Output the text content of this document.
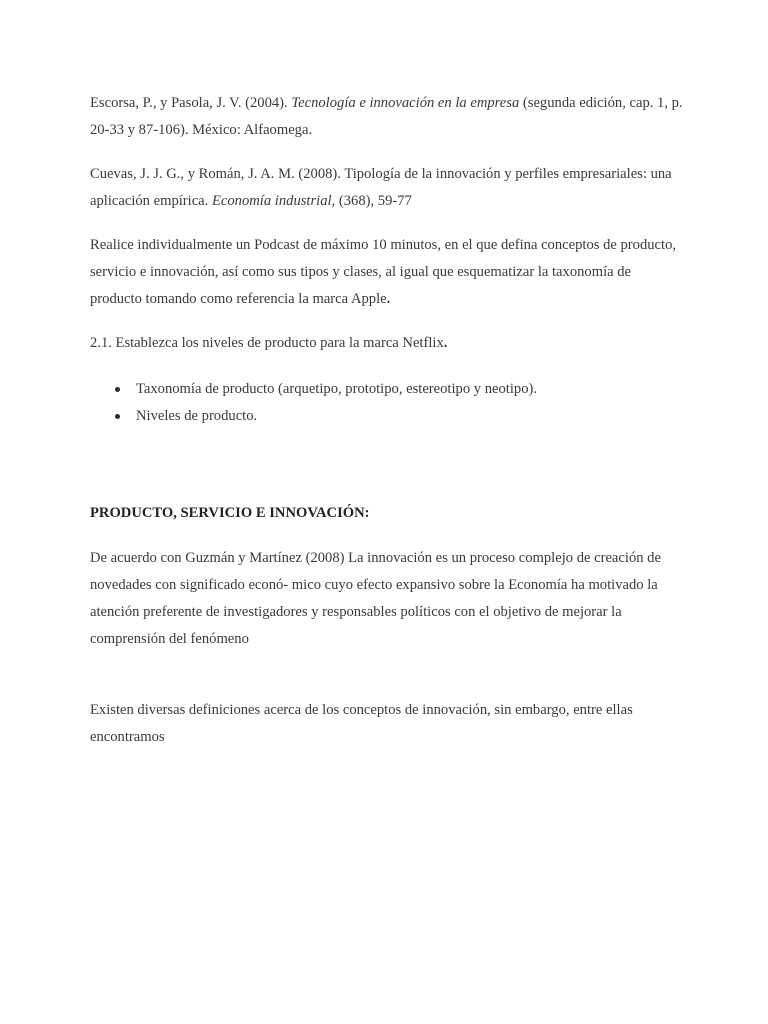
Escorsa, P., y Pasola, J. V. (2004). Tecnología e innovación en la empresa (segunda edición, cap. 1, p. 20-33 y 87-106). México: Alfaomega.

Cuevas, J. J. G., y Román, J. A. M. (2008). Tipología de la innovación y perfiles empresariales: una aplicación empírica. Economía industrial, (368), 59-77

Realice individualmente un Podcast de máximo 10 minutos, en el que defina conceptos de producto, servicio e innovación, así como sus tipos y clases, al igual que esquematizar la taxonomía de producto tomando como referencia la marca Apple.

2.1. Establezca los niveles de producto para la marca Netflix.

Taxonomía de producto (arquetipo, prototipo, estereotipo y neotipo).
Niveles de producto.

PRODUCTO, SERVICIO E INNOVACIÓN:

De acuerdo con Guzmán y Martínez (2008) La innovación es un proceso complejo de creación de novedades con significado econó- mico cuyo efecto expansivo sobre la Economía ha motivado la atención preferente de investigadores y responsables políticos con el objetivo de mejorar la comprensión del fenómeno

Existen diversas definiciones acerca de los conceptos de innovación, sin embargo, entre ellas encontramos
